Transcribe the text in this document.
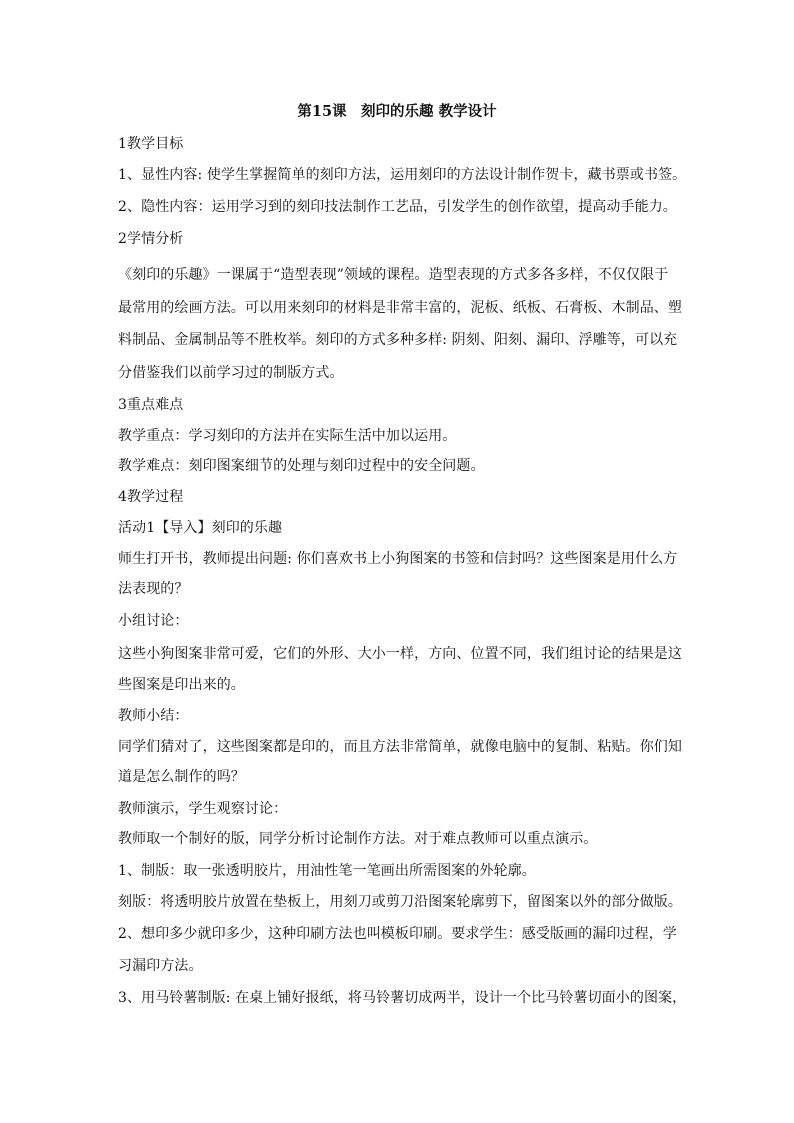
第15课　刻印的乐趣 教学设计
1教学目标
1、显性内容: 使学生掌握简单的刻印方法，运用刻印的方法设计制作贺卡，藏书票或书签。
2、隐性内容：运用学习到的刻印技法制作工艺品，引发学生的创作欲望，提高动手能力。
2学情分析
《刻印的乐趣》一课属于“造型表现”领域的课程。造型表现的方式多各多样，不仅仅限于
最常用的绘画方法。可以用来刻印的材料是非常丰富的，泥板、纸板、石膏板、木制品、塑
料制品、金属制品等不胜枚举。刻印的方式多种多样: 阴刻、阳刻、漏印、浮雕等，可以充
分借鉴我们以前学习过的制版方式。
3重点难点
教学重点：学习刻印的方法并在实际生活中加以运用。
教学难点：刻印图案细节的处理与刻印过程中的安全问题。
4教学过程
活动1【导入】刻印的乐趣
师生打开书，教师提出问题: 你们喜欢书上小狗图案的书签和信封吗？这些图案是用什么方
法表现的？
小组讨论：
这些小狗图案非常可爱，它们的外形、大小一样，方向、位置不同，我们组讨论的结果是这
些图案是印出来的。
教师小结：
同学们猜对了，这些图案都是印的，而且方法非常简单，就像电脑中的复制、粘贴。你们知
道是怎么制作的吗？
教师演示，学生观察讨论：
教师取一个制好的版，同学分析讨论制作方法。对于难点教师可以重点演示。
1、制版：取一张透明胶片，用油性笔一笔画出所需图案的外轮廓。
刻版：将透明胶片放置在垫板上，用刻刀或剪刀沿图案轮廓剪下，留图案以外的部分做版。
2、想印多少就印多少，这种印刷方法也叫模板印刷。要求学生：感受版画的漏印过程，学
习漏印方法。
3、用马铃薯制版: 在桌上铺好报纸，将马铃薯切成两半，设计一个比马铃薯切面小的图案，
